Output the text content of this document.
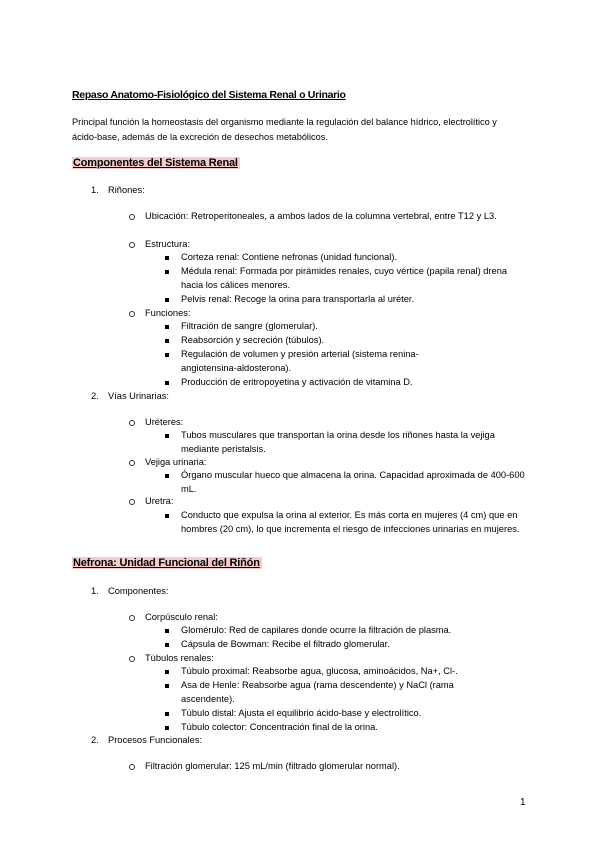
Repaso Anatomo-Fisiológico del Sistema Renal o Urinario
Principal función la homeostasis del organismo mediante la regulación del balance hídrico, electrolítico y ácido-base, además de la excreción de desechos metabólicos.
Componentes del Sistema Renal
1. Riñones:
Ubicación: Retroperitoneales, a ambos lados de la columna vertebral, entre T12 y L3.
Estructura:
Corteza renal: Contiene nefronas (unidad funcional).
Médula renal: Formada por pirámides renales, cuyo vértice (papila renal) drena hacia los cálices menores.
Pelvis renal: Recoge la orina para transportarla al uréter.
Funciones:
Filtración de sangre (glomerular).
Reabsorción y secreción (túbulos).
Regulación de volumen y presión arterial (sistema renina-angiotensina-aldosterona).
Producción de eritropoyetina y activación de vitamina D.
2. Vías Urinarias:
Uréteres:
Tubos musculares que transportan la orina desde los riñones hasta la vejiga mediante peristalsis.
Vejiga urinaria:
Órgano muscular hueco que almacena la orina. Capacidad aproximada de 400-600 mL.
Uretra:
Conducto que expulsa la orina al exterior. Es más corta en mujeres (4 cm) que en hombres (20 cm), lo que incrementa el riesgo de infecciones urinarias en mujeres.
Nefrona: Unidad Funcional del Riñón
1. Componentes:
Corpúsculo renal:
Glomérulo: Red de capilares donde ocurre la filtración de plasma.
Cápsula de Bowman: Recibe el filtrado glomerular.
Túbulos renales:
Túbulo proximal: Reabsorbe agua, glucosa, aminoácidos, Na+, Cl-.
Asa de Henle: Reabsorbe agua (rama descendente) y NaCl (rama ascendente).
Túbulo distal: Ajusta el equilibrio ácido-base y electrolítico.
Túbulo colector: Concentración final de la orina.
2. Procesos Funcionales:
Filtración glomerular: 125 mL/min (filtrado glomerular normal).
1
